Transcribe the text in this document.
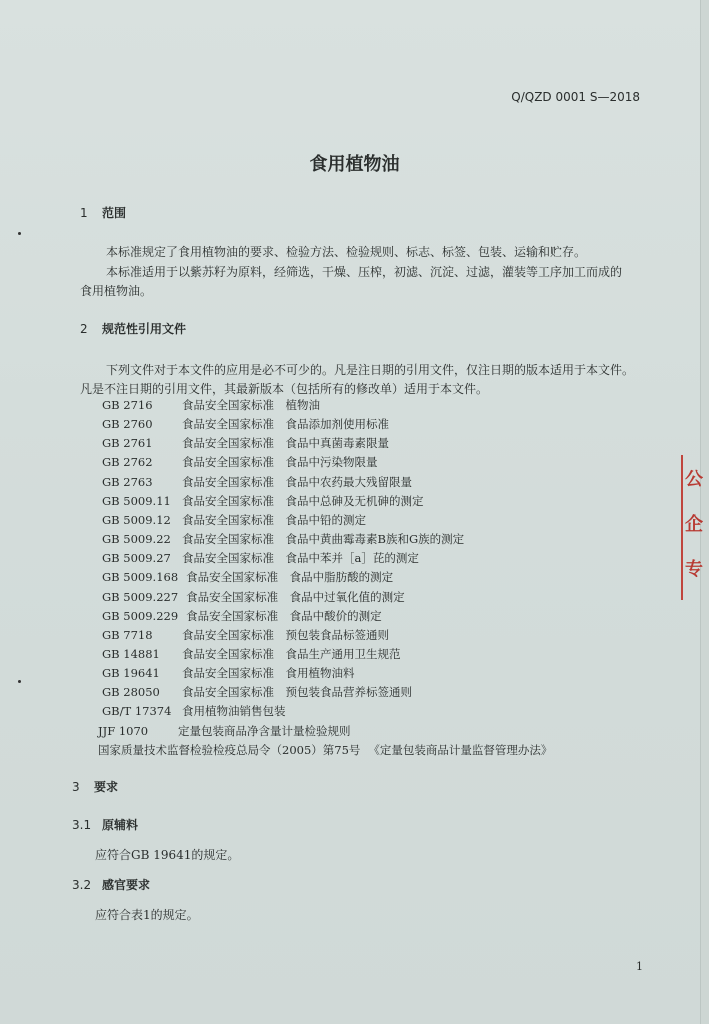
Q/QZD 0001 S—2018
食用植物油
1 范围
本标准规定了食用植物油的要求、检验方法、检验规则、标志、标签、包装、运输和贮存。
本标准适用于以紫苏籽为原料，经筛选，干燥、压榨，初滤、沉淀、过滤，灌装等工序加工而成的
食用植物油。
2 规范性引用文件
下列文件对于本文件的应用是必不可少的。凡是注日期的引用文件，仅注日期的版本适用于本文件。
凡是不注日期的引用文件，其最新版本（包括所有的修改单）适用于本文件。
GB 2716	食品安全国家标准　植物油
GB 2760	食品安全国家标准　食品添加剂使用标准
GB 2761	食品安全国家标准　食品中真菌毒素限量
GB 2762	食品安全国家标准　食品中污染物限量
GB 2763	食品安全国家标准　食品中农药最大残留限量
GB 5009.11 食品安全国家标准　食品中总砷及无机砷的测定
GB 5009.12 食品安全国家标准　食品中铅的测定
GB 5009.22 食品安全国家标准　食品中黄曲霉毒素B族和G族的测定
GB 5009.27 食品安全国家标准　食品中苯并［a］芘的测定
GB 5009.168 食品安全国家标准　食品中脂肪酸的测定
GB 5009.227 食品安全国家标准　食品中过氧化值的测定
GB 5009.229 食品安全国家标准　食品中酸价的测定
GB 7718	食品安全国家标准　预包装食品标签通则
GB 14881 食品安全国家标准　食品生产通用卫生规范
GB 19641 食品安全国家标准　食用植物油料
GB 28050 食品安全国家标准　预包装食品营养标签通则
GB/T 17374 食用植物油销售包装
JJF 1070	定量包装商品净含量计量检验规则
国家质量技术监督检验检疫总局令（2005）第75号 《定量包装商品计量监督管理办法》
3 要求
3.1 原辅料
应符合GB 19641的规定。
3.2 感官要求
应符合表1的规定。
1
公
企
专
